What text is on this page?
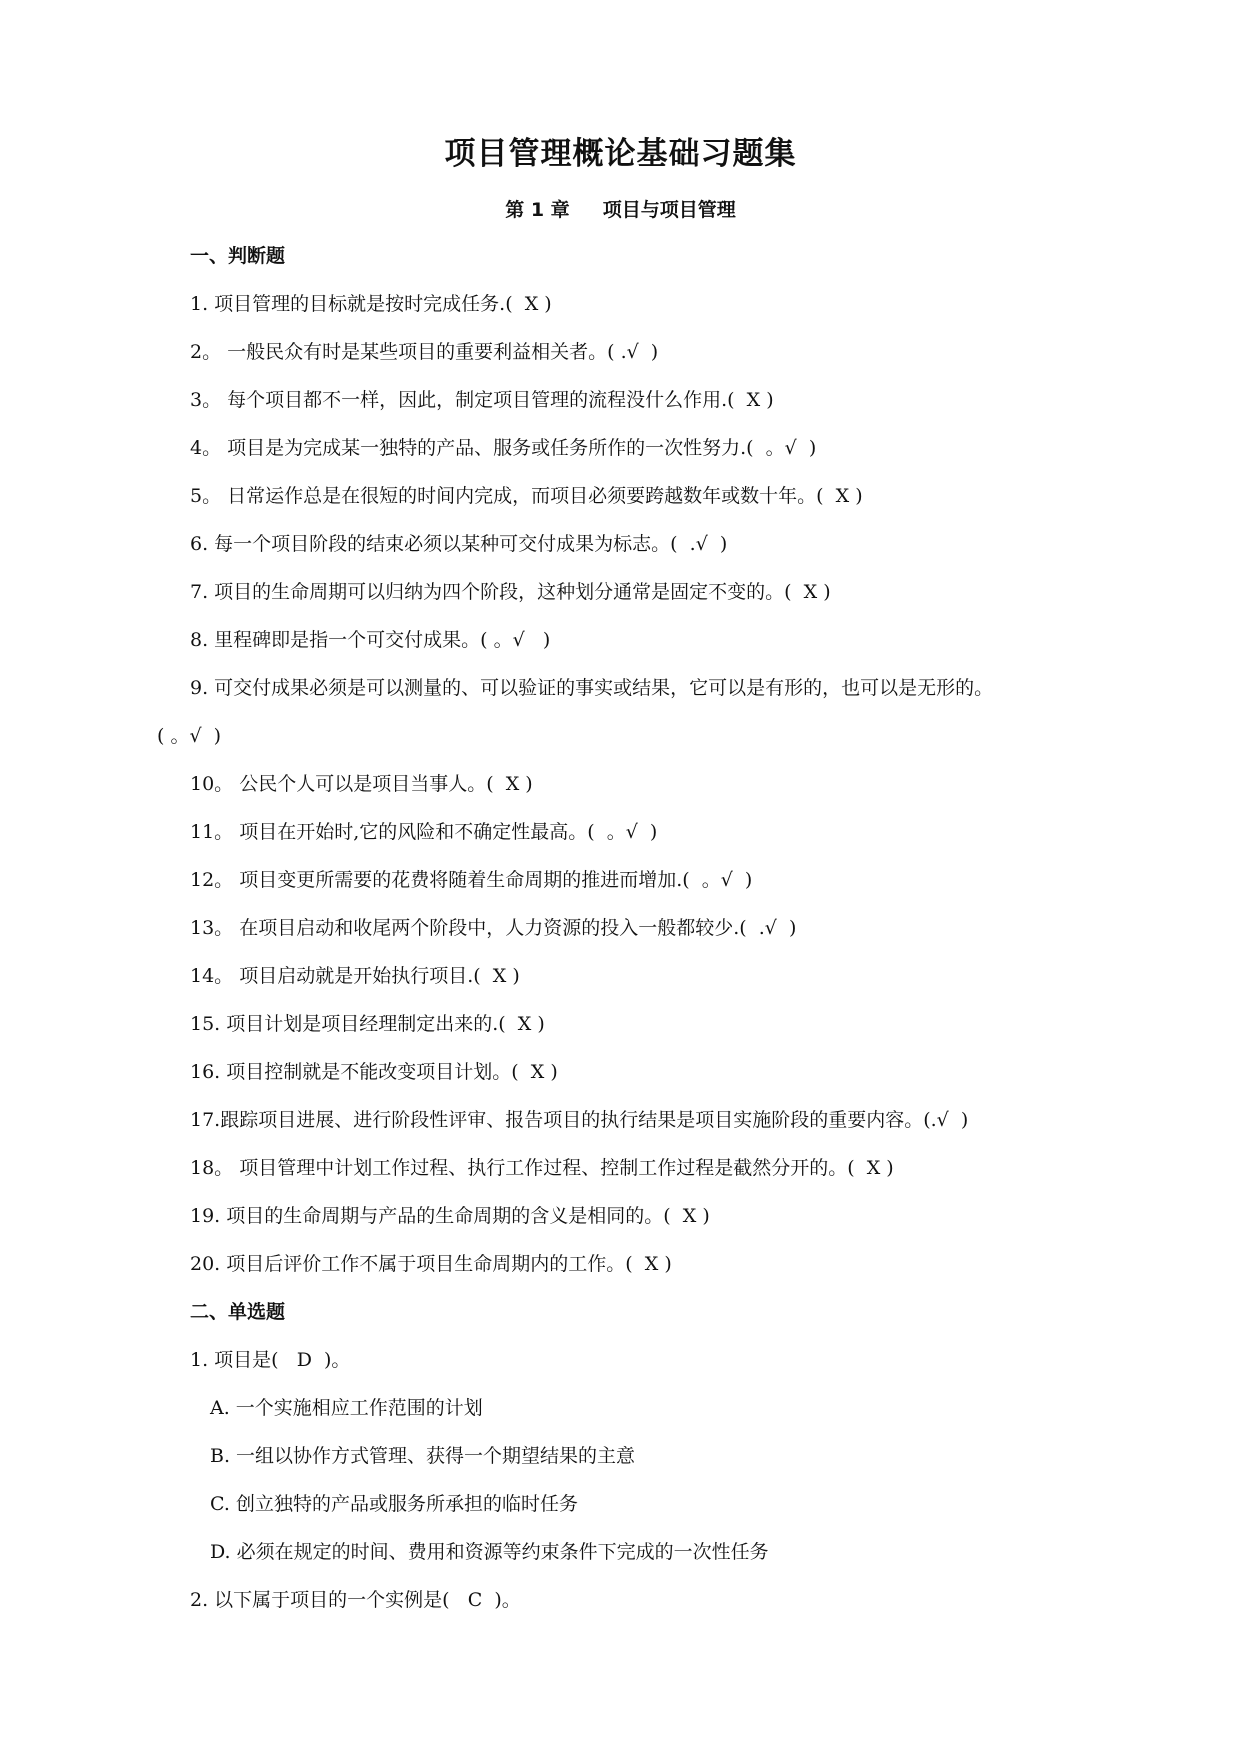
项目管理概论基础习题集
第 1 章     项目与项目管理
一、判断题
1. 项目管理的目标就是按时完成任务.(  X )
2。 一般民众有时是某些项目的重要利益相关者。( .√  )
3。 每个项目都不一样，因此，制定项目管理的流程没什么作用.(  X )
4。 项目是为完成某一独特的产品、服务或任务所作的一次性努力.(  。√  )
5。 日常运作总是在很短的时间内完成，而项目必须要跨越数年或数十年。(  X )
6. 每一个项目阶段的结束必须以某种可交付成果为标志。(  .√  )
7. 项目的生命周期可以归纳为四个阶段，这种划分通常是固定不变的。(  X )
8. 里程碑即是指一个可交付成果。( 。√   )
9. 可交付成果必须是可以测量的、可以验证的事实或结果，它可以是有形的，也可以是无形的。
( 。√  )
10。 公民个人可以是项目当事人。(  X )
11。 项目在开始时,它的风险和不确定性最高。(  。√  )
12。 项目变更所需要的花费将随着生命周期的推进而增加.(  。√  )
13。 在项目启动和收尾两个阶段中，人力资源的投入一般都较少.(  .√  )
14。 项目启动就是开始执行项目.(  X )
15. 项目计划是项目经理制定出来的.(  X )
16. 项目控制就是不能改变项目计划。(  X )
17.跟踪项目进展、进行阶段性评审、报告项目的执行结果是项目实施阶段的重要内容。(.√  )
18。 项目管理中计划工作过程、执行工作过程、控制工作过程是截然分开的。(  X )
19. 项目的生命周期与产品的生命周期的含义是相同的。(  X )
20. 项目后评价工作不属于项目生命周期内的工作。(  X )
二、单选题
1. 项目是(   D  )。
A. 一个实施相应工作范围的计划
B. 一组以协作方式管理、获得一个期望结果的主意
C. 创立独特的产品或服务所承担的临时任务
D. 必须在规定的时间、费用和资源等约束条件下完成的一次性任务
2. 以下属于项目的一个实例是(   C  )。
